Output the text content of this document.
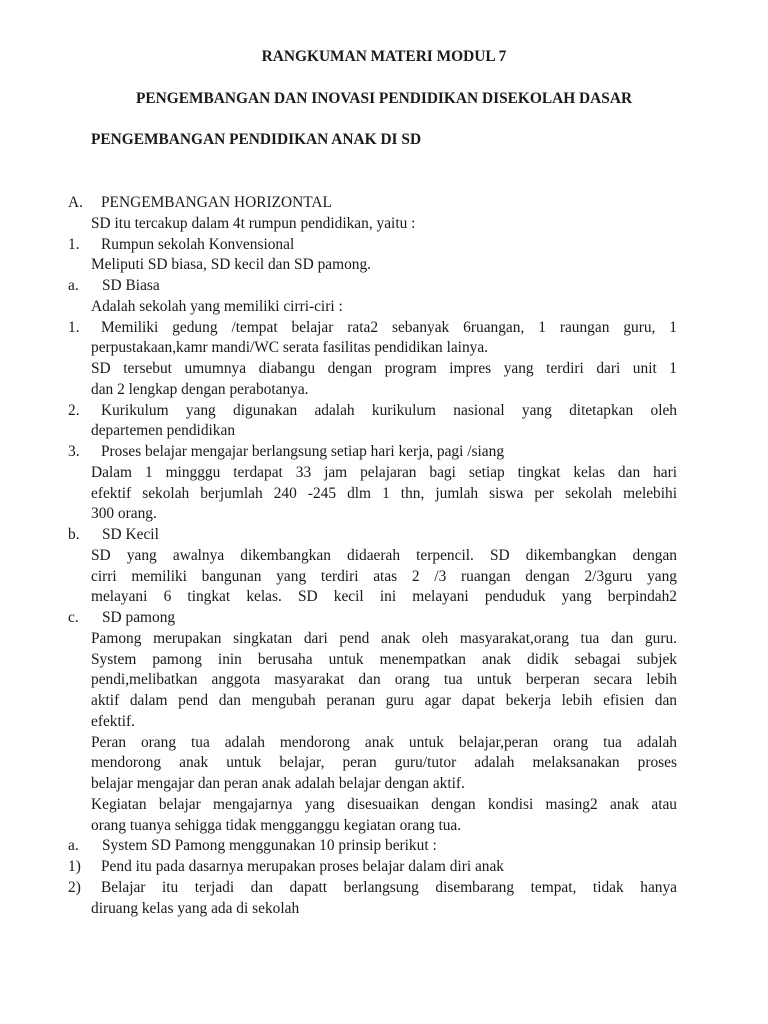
RANGKUMAN MATERI MODUL 7
PENGEMBANGAN DAN INOVASI PENDIDIKAN DISEKOLAH DASAR
PENGEMBANGAN PENDIDIKAN ANAK DI SD
A. PENGEMBANGAN HORIZONTAL
SD itu tercakup dalam 4t rumpun pendidikan, yaitu :
1. Rumpun sekolah Konvensional
Meliputi SD biasa, SD kecil dan SD pamong.
a. SD Biasa
Adalah sekolah yang memiliki cirri-ciri :
1. Memiliki gedung /tempat belajar rata2 sebanyak 6ruangan, 1 raungan guru, 1
perpustakaan,kamr mandi/WC serata fasilitas pendidikan lainya.
SD tersebut umumnya diabangu dengan program impres yang terdiri dari unit 1
dan 2 lengkap dengan perabotanya.
2. Kurikulum yang digunakan adalah kurikulum nasional yang ditetapkan oleh
departemen pendidikan
3. Proses belajar mengajar berlangsung setiap hari kerja, pagi /siang
Dalam 1 mingggu terdapat 33 jam pelajaran bagi setiap tingkat kelas dan hari
efektif sekolah berjumlah 240 -245 dlm 1 thn, jumlah siswa per sekolah melebihi
300 orang.
b. SD Kecil
SD yang awalnya dikembangkan didaerah terpencil. SD dikembangkan dengan
cirri memiliki bangunan yang terdiri atas 2 /3 ruangan dengan 2/3guru yang
melayani 6 tingkat kelas. SD kecil ini melayani penduduk yang berpindah2
c. SD pamong
Pamong merupakan singkatan dari pend anak oleh masyarakat,orang tua dan guru.
System pamong inin berusaha untuk menempatkan anak didik sebagai subjek
pendi,melibatkan anggota masyarakat dan orang tua untuk berperan secara lebih
aktif dalam pend dan mengubah peranan guru agar dapat bekerja lebih efisien dan
efektif.
Peran orang tua adalah mendorong anak untuk belajar,peran orang tua adalah
mendorong anak untuk belajar, peran guru/tutor adalah melaksanakan proses
belajar mengajar dan peran anak adalah belajar dengan aktif.
Kegiatan belajar mengajarnya yang disesuaikan dengan kondisi masing2 anak atau
orang tuanya sehigga tidak mengganggu kegiatan orang tua.
a. System SD Pamong menggunakan 10 prinsip berikut :
1) Pend itu pada dasarnya merupakan proses belajar dalam diri anak
2) Belajar itu terjadi dan dapatt berlangsung disembarang tempat, tidak hanya
diruang kelas yang ada di sekolah
